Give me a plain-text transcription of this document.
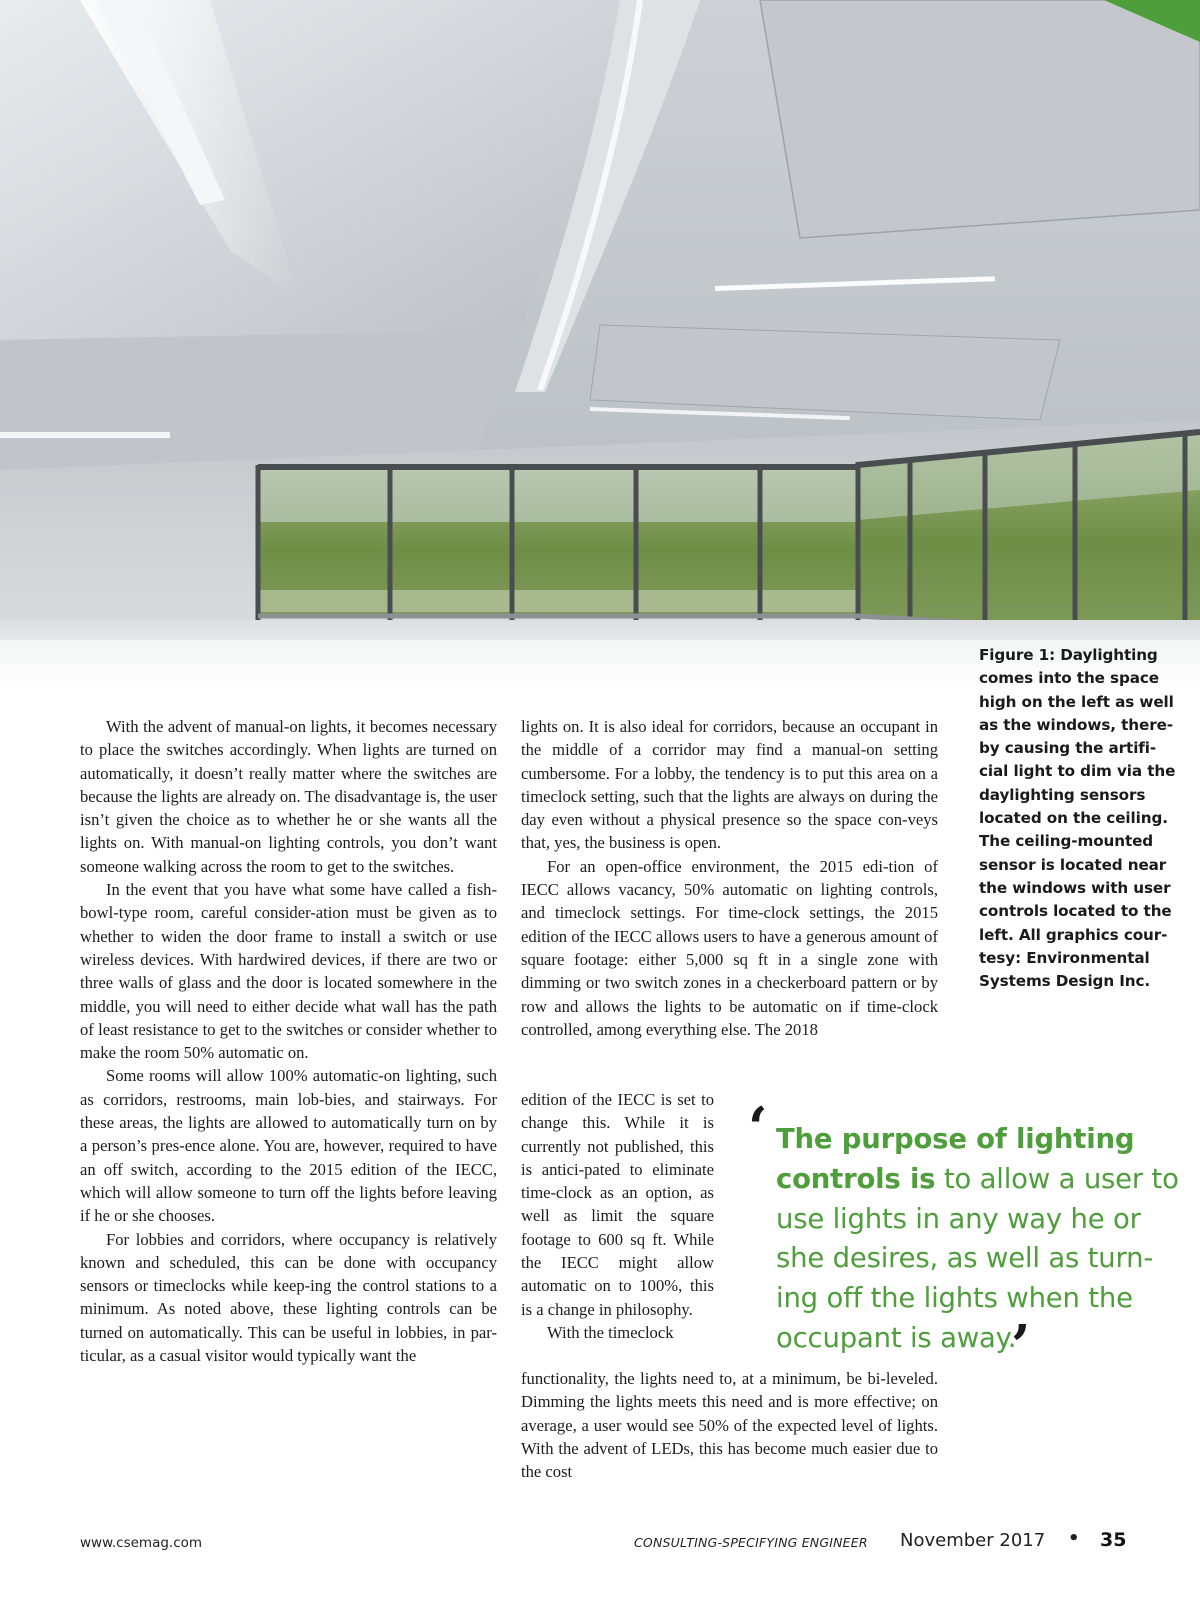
Figure 1: Daylighting comes into the space high on the left as well as the windows, there-by causing the artifi-cial light to dim via the daylighting sensors located on the ceiling. The ceiling-mounted sensor is located near the windows with user controls located to the left. All graphics cour-tesy: Environmental Systems Design Inc.

With the advent of manual-on lights, it becomes necessary to place the switches accordingly. When lights are turned on automatically, it doesn’t really matter where the switches are because the lights are already on. The disadvantage is, the user isn’t given the choice as to whether he or she wants all the lights on. With manual-on lighting controls, you don’t want someone walking across the room to get to the switches.

In the event that you have what some have called a fish-bowl-type room, careful consider-ation must be given as to whether to widen the door frame to install a switch or use wireless devices. With hardwired devices, if there are two or three walls of glass and the door is located somewhere in the middle, you will need to either decide what wall has the path of least resistance to get to the switches or consider whether to make the room 50% automatic on.

Some rooms will allow 100% automatic-on lighting, such as corridors, restrooms, main lob-bies, and stairways. For these areas, the lights are allowed to automatically turn on by a person’s pres-ence alone. You are, however, required to have an off switch, according to the 2015 edition of the IECC, which will allow someone to turn off the lights before leaving if he or she chooses.

For lobbies and corridors, where occupancy is relatively known and scheduled, this can be done with occupancy sensors or timeclocks while keep-ing the control stations to a minimum. As noted above, these lighting controls can be turned on automatically. This can be useful in lobbies, in par-ticular, as a casual visitor would typically want the

lights on. It is also ideal for corridors, because an occupant in the middle of a corridor may find a manual-on setting cumbersome. For a lobby, the tendency is to put this area on a timeclock setting, such that the lights are always on during the day even without a physical presence so the space con-veys that, yes, the business is open.

For an open-office environment, the 2015 edi-tion of IECC allows vacancy, 50% automatic on lighting controls, and timeclock settings. For time-clock settings, the 2015 edition of the IECC allows users to have a generous amount of square footage: either 5,000 sq ft in a single zone with dimming or two switch zones in a checkerboard pattern or by row and allows the lights to be automatic on if time-clock controlled, among everything else. The 2018

edition of the IECC is set to change this. While it is currently not published, this is antici-pated to eliminate time-clock as an option, as well as limit the square footage to 600 sq ft. While the IECC might allow automatic on to 100%, this is a change in philosophy.

With the timeclock

functionality, the lights need to, at a minimum, be bi-leveled. Dimming the lights meets this need and is more effective; on average, a user would see 50% of the expected level of lights. With the advent of LEDs, this has become much easier due to the cost

‘ The purpose of lighting controls is to allow a user to use lights in any way he or she desires, as well as turn-ing off the lights when the occupant is away.
’
www.csemag.com	CONSULTING-SPECIFYING ENGINEER November 2017 • 35
